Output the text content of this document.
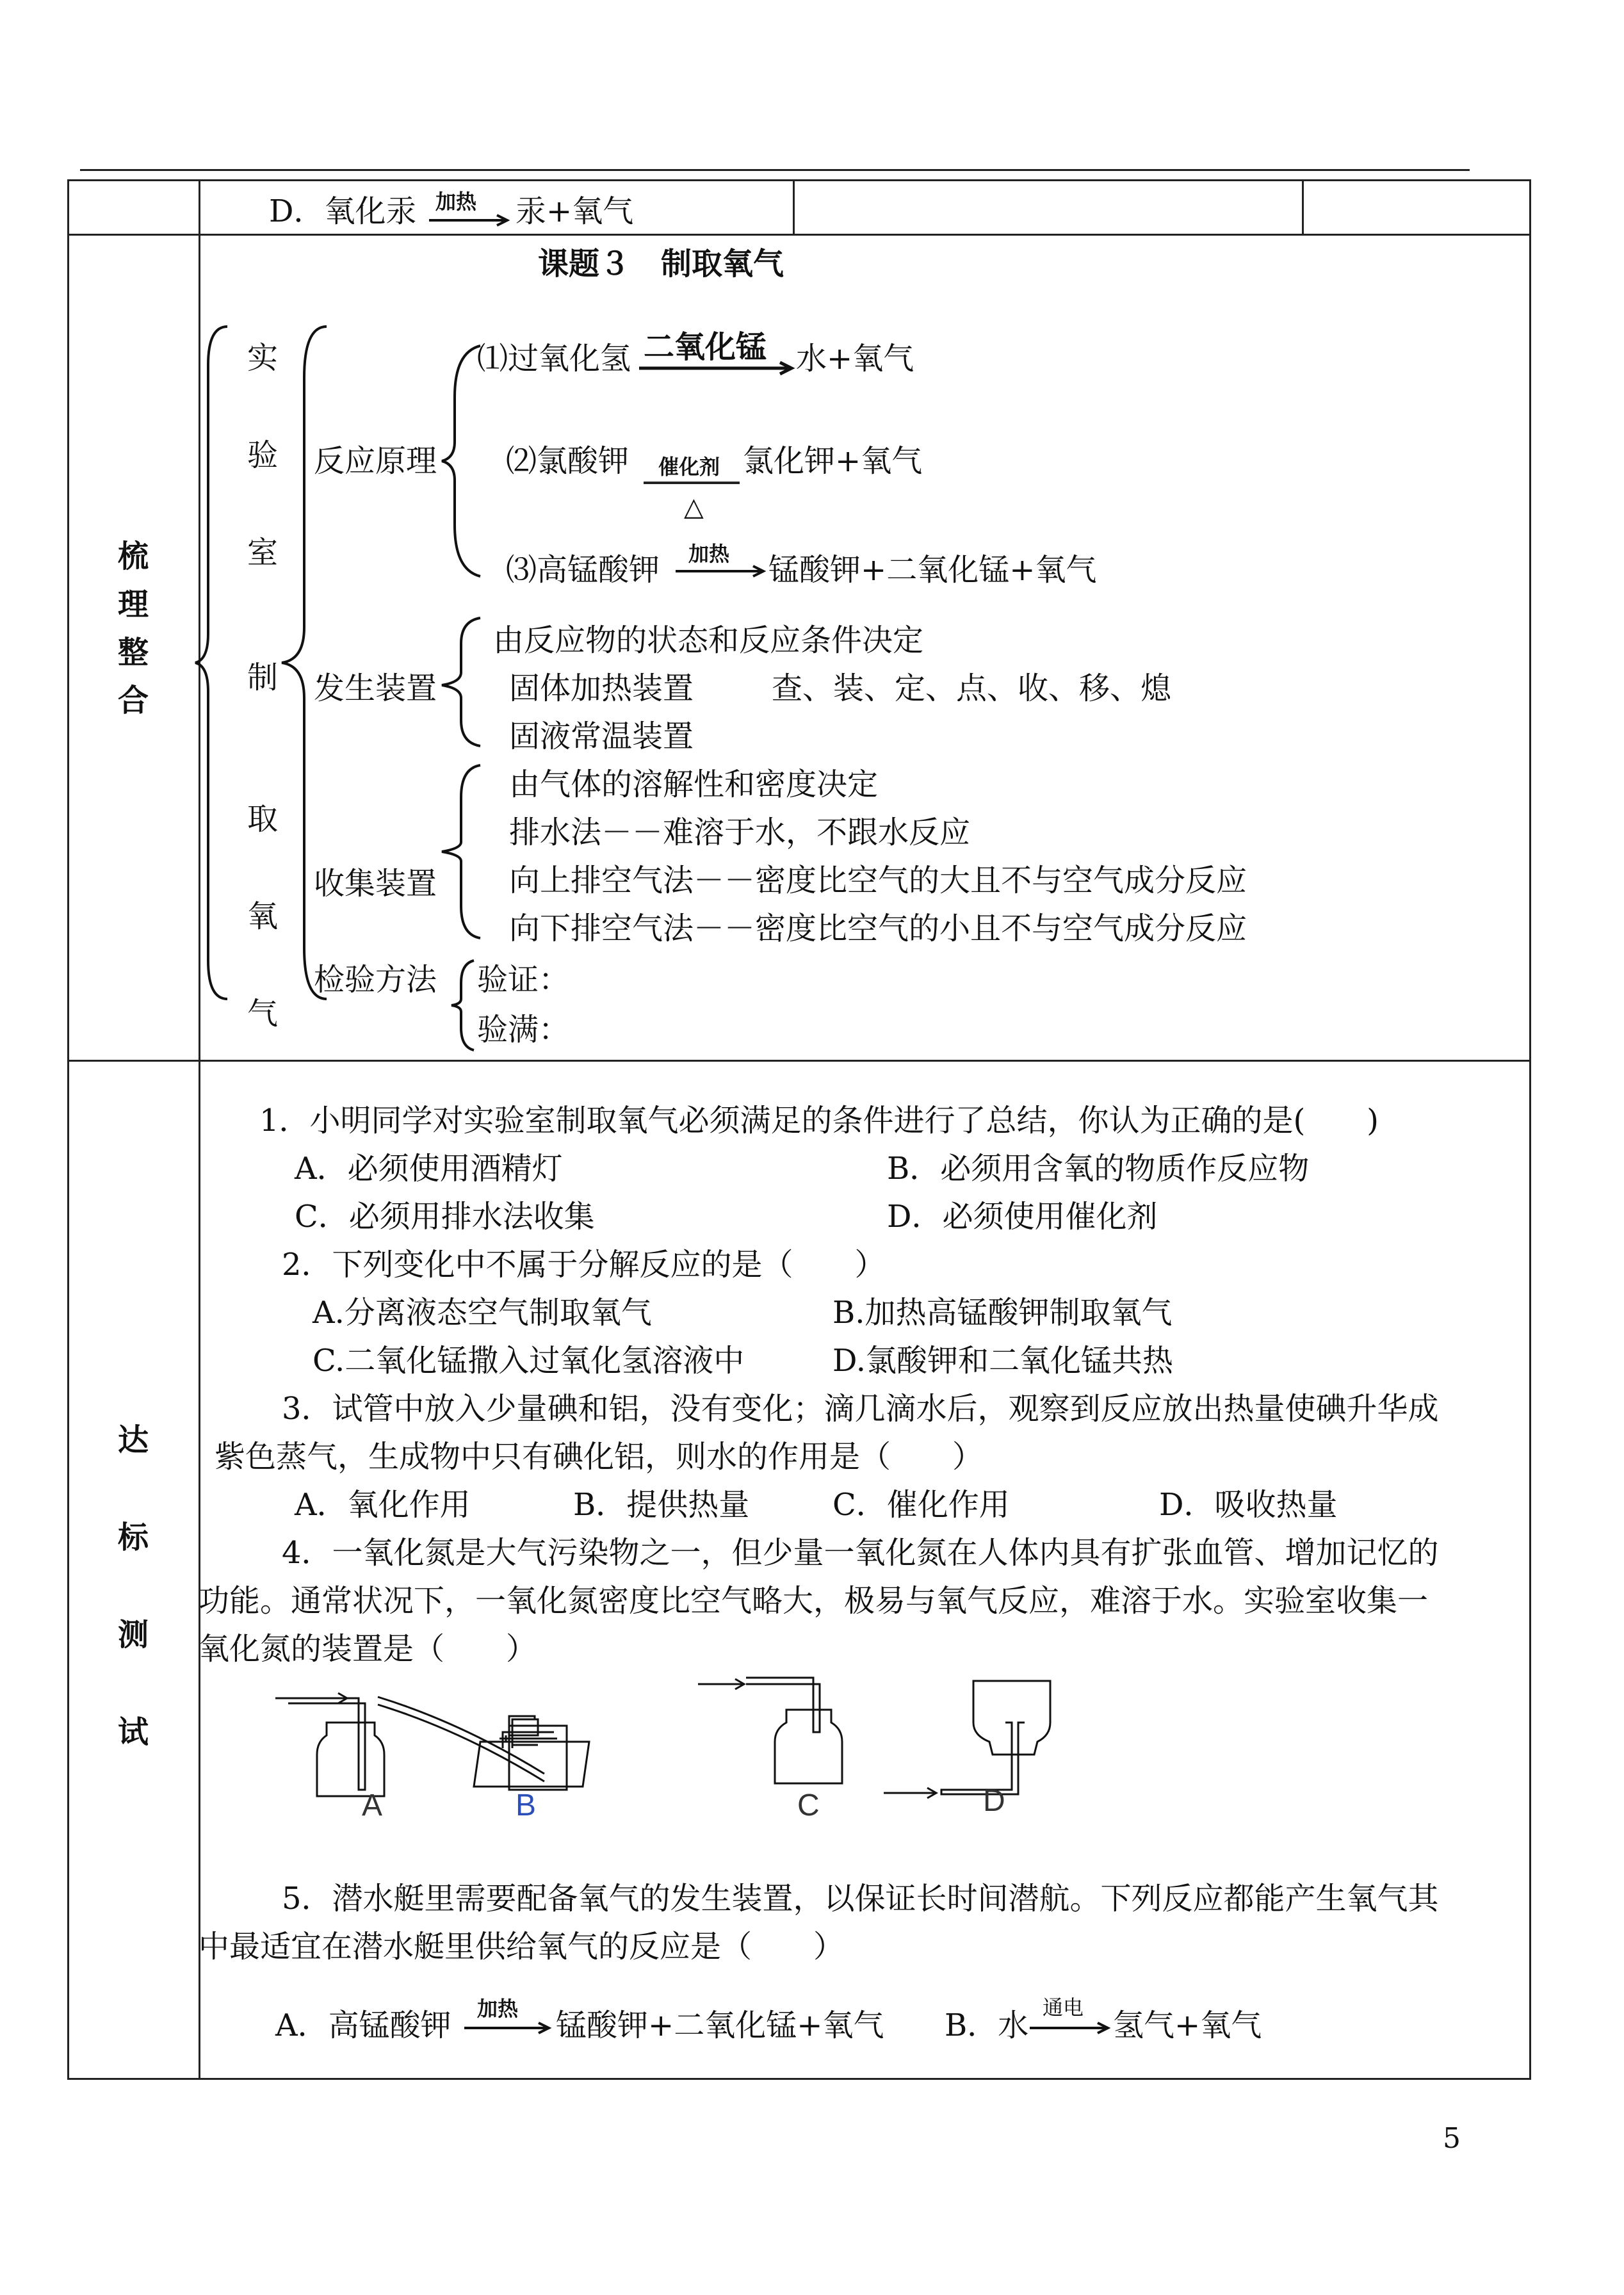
D．氧化汞 加热 汞+氧气
梳
理
整
合
课题３　制取氧气
实
验
室
制
取
氧
气
反应原理
⑴过氧化氢 二氧化锰 水+氧气
⑵氯酸钾 催化剂
△
氯化钾+氧气
⑶高锰酸钾 加热 锰酸钾+二氧化锰+氧气
发生装置
由反应物的状态和反应条件决定
固体加热装置	查、装、定、点、收、移、熄
固液常温装置
收集装置
由气体的溶解性和密度决定
排水法－－难溶于水，不跟水反应
向上排空气法－－密度比空气的大且不与空气成分反应
向下排空气法－－密度比空气的小且不与空气成分反应
检验方法 验证：
验满：
达
标
测
试
1．小明同学对实验室制取氧气必须满足的条件进行了总结，你认为正确的是(　　)
A．必须使用酒精灯	B．必须用含氧的物质作反应物
C．必须用排水法收集	D．必须使用催化剂
2．下列变化中不属于分解反应的是（　　）
A.分离液态空气制取氧气	B.加热高锰酸钾制取氧气
C.二氧化锰撒入过氧化氢溶液中	D.氯酸钾和二氧化锰共热
3．试管中放入少量碘和铝，没有变化；滴几滴水后，观察到反应放出热量使碘升华成
紫色蒸气，生成物中只有碘化铝，则水的作用是（　　）
A．氧化作用	B．提供热量	C．催化作用	D．吸收热量
4．一氧化氮是大气污染物之一，但少量一氧化氮在人体内具有扩张血管、增加记忆的
功能。通常状况下，一氧化氮密度比空气略大，极易与氧气反应，难溶于水。实验室收集一
氧化氮的装置是（　　）
A	B	C	D
5．潜水艇里需要配备氧气的发生装置，以保证长时间潜航。下列反应都能产生氧气其
中最适宜在潜水艇里供给氧气的反应是（　　）
A．高锰酸钾 加热 锰酸钾+二氧化锰+氧气 B．水 通电 氢气+氧气
5
